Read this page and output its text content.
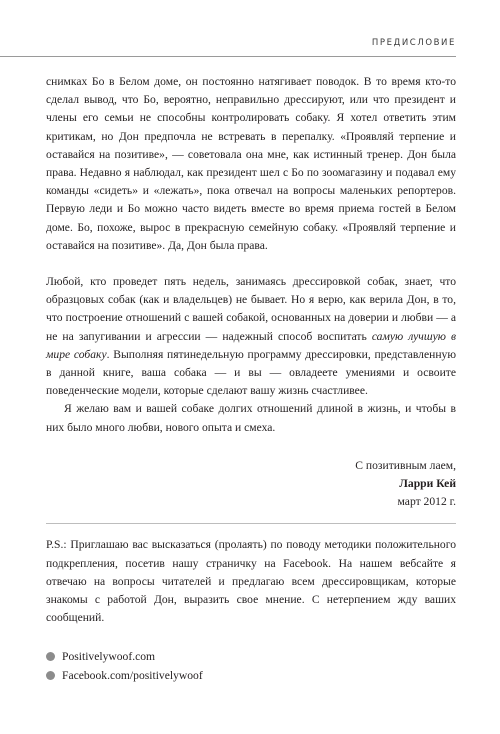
ПРЕДИСЛОВИЕ

снимках Бо в Белом доме, он постоянно натягивает поводок. В то время кто-то сделал вывод, что Бо, вероятно, неправильно дрессируют, или что президент и члены его семьи не способны контролировать собаку. Я хотел ответить этим критикам, но Дон предпочла не встревать в перепалку. «Проявляй терпение и оставайся на позитиве», — советовала она мне, как истинный тренер. Дон была права. Недавно я наблюдал, как президент шел с Бо по зоомагазину и подавал ему команды «сидеть» и «лежать», пока отвечал на вопросы маленьких репортеров. Первую леди и Бо можно часто видеть вместе во время приема гостей в Белом доме. Бо, похоже, вырос в прекрасную семейную собаку. «Проявляй терпение и оставайся на позитиве». Да, Дон была права.

Любой, кто проведет пять недель, занимаясь дрессировкой собак, знает, что образцовых собак (как и владельцев) не бывает. Но я верю, как верила Дон, в то, что построение отношений с вашей собакой, основанных на доверии и любви — а не на запугивании и агрессии — надежный способ воспитать самую лучшую в мире собаку. Выполняя пятинедельную программу дрессировки, представленную в данной книге, ваша собака — и вы — овладеете умениями и освоите поведенческие модели, которые сделают вашу жизнь счастливее.

Я желаю вам и вашей собаке долгих отношений длиной в жизнь, и чтобы в них было много любви, нового опыта и смеха.

С позитивным лаем,
Ларри Кей
март 2012 г.

P.S.: Приглашаю вас высказаться (пролаять) по поводу методики положительного подкрепления, посетив нашу страничку на Facebook. На нашем вебсайте я отвечаю на вопросы читателей и предлагаю всем дрессировщикам, которые знакомы с работой Дон, выразить свое мнение. С нетерпением жду ваших сообщений.

Positivelywoof.com
Facebook.com/positivelywoof
